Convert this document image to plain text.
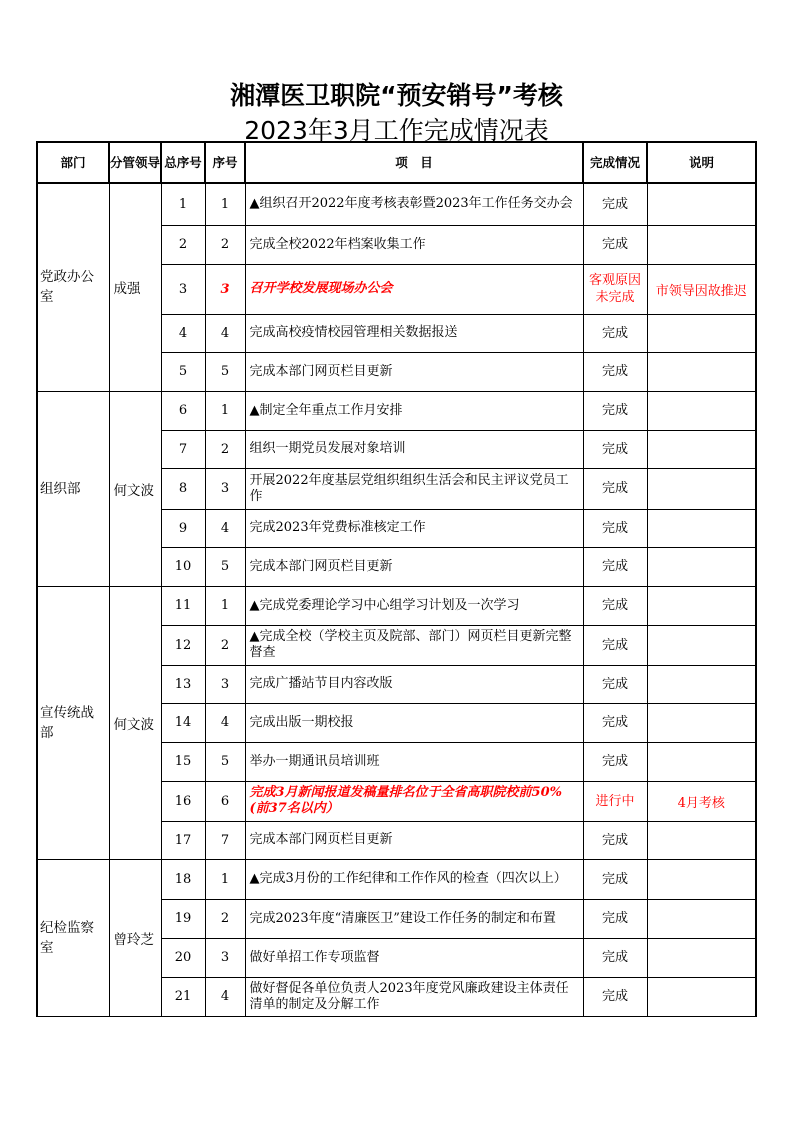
湘潭医卫职院“预安销号”考核
2023年3月工作完成情况表
部门	分管领导	总序号	序号	项　目	完成情况	说明
党政办公室	成强	1	1	▲组织召开2022年度考核表彰暨2023年工作任务交办会	完成	
		2	2	完成全校2022年档案收集工作	完成	
		3	3	召开学校发展现场办公会	客观原因未完成	市领导因故推迟
		4	4	完成高校疫情校园管理相关数据报送	完成	
		5	5	完成本部门网页栏目更新	完成	
组织部	何文波	6	1	▲制定全年重点工作月安排	完成	
		7	2	组织一期党员发展对象培训	完成	
		8	3	开展2022年度基层党组织组织生活会和民主评议党员工作	完成	
		9	4	完成2023年党费标准核定工作	完成	
		10	5	完成本部门网页栏目更新	完成	
宣传统战部	何文波	11	1	▲完成党委理论学习中心组学习计划及一次学习	完成	
		12	2	▲完成全校（学校主页及院部、部门）网页栏目更新完整督查	完成	
		13	3	完成广播站节目内容改版	完成	
		14	4	完成出版一期校报	完成	
		15	5	举办一期通讯员培训班	完成	
		16	6	完成3月新闻报道发稿量排名位于全省高职院校前50%(前37名以内）	进行中	4月考核
		17	7	完成本部门网页栏目更新	完成	
纪检监察室	曾玲芝	18	1	▲完成3月份的工作纪律和工作作风的检查（四次以上）	完成	
		19	2	完成2023年度“清廉医卫”建设工作任务的制定和布置	完成	
		20	3	做好单招工作专项监督	完成	
		21	4	做好督促各单位负责人2023年度党风廉政建设主体责任清单的制定及分解工作	完成	
